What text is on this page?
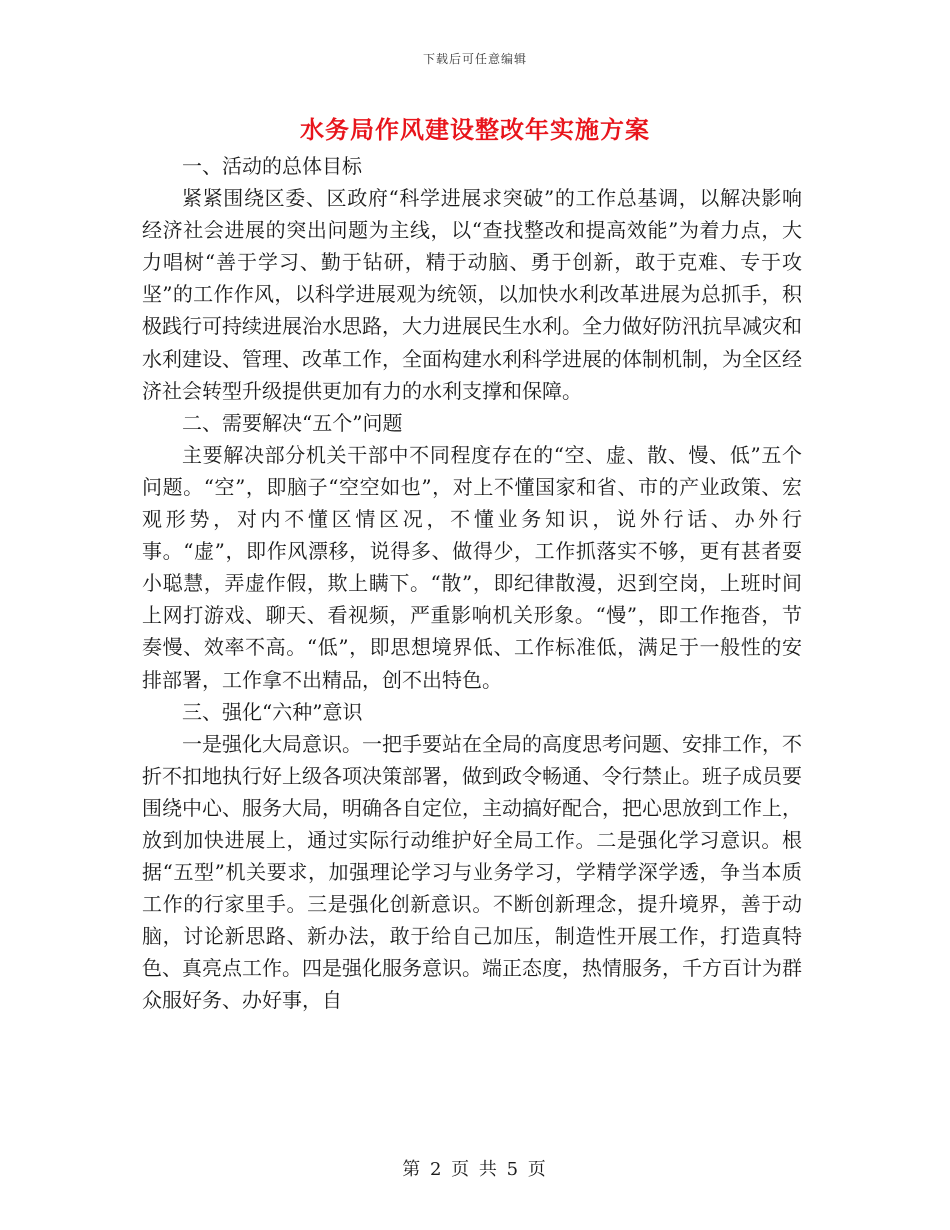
下载后可任意编辑
水务局作风建设整改年实施方案

一、活动的总体目标

紧紧围绕区委、区政府“科学进展求突破”的工作总基调，以解决影响经济社会进展的突出问题为主线，以“查找整改和提高效能”为着力点，大力唱树“善于学习、勤于钻研，精于动脑、勇于创新，敢于克难、专于攻坚”的工作作风，以科学进展观为统领，以加快水利改革进展为总抓手，积极践行可持续进展治水思路，大力进展民生水利。全力做好防汛抗旱减灾和水利建设、管理、改革工作，全面构建水利科学进展的体制机制，为全区经济社会转型升级提供更加有力的水利支撑和保障。

二、需要解决“五个”问题

主要解决部分机关干部中不同程度存在的“空、虚、散、慢、低”五个问题。“空”，即脑子“空空如也”，对上不懂国家和省、市的产业政策、宏观形势，对内不懂区情区况，不懂业务知识，说外行话、办外行事。“虚”，即作风漂移，说得多、做得少，工作抓落实不够，更有甚者耍小聪慧，弄虚作假，欺上瞒下。“散”，即纪律散漫，迟到空岗，上班时间上网打游戏、聊天、看视频，严重影响机关形象。“慢”，即工作拖沓，节奏慢、效率不高。“低”，即思想境界低、工作标准低，满足于一般性的安排部署，工作拿不出精品，创不出特色。

三、强化“六种”意识

一是强化大局意识。一把手要站在全局的高度思考问题、安排工作，不折不扣地执行好上级各项决策部署，做到政令畅通、令行禁止。班子成员要围绕中心、服务大局，明确各自定位，主动搞好配合，把心思放到工作上，放到加快进展上，通过实际行动维护好全局工作。二是强化学习意识。根据“五型”机关要求，加强理论学习与业务学习，学精学深学透，争当本质工作的行家里手。三是强化创新意识。不断创新理念，提升境界，善于动脑，讨论新思路、新办法，敢于给自己加压，制造性开展工作，打造真特色、真亮点工作。四是强化服务意识。端正态度，热情服务，千方百计为群众服好务、办好事，自

第 2 页 共 5 页
